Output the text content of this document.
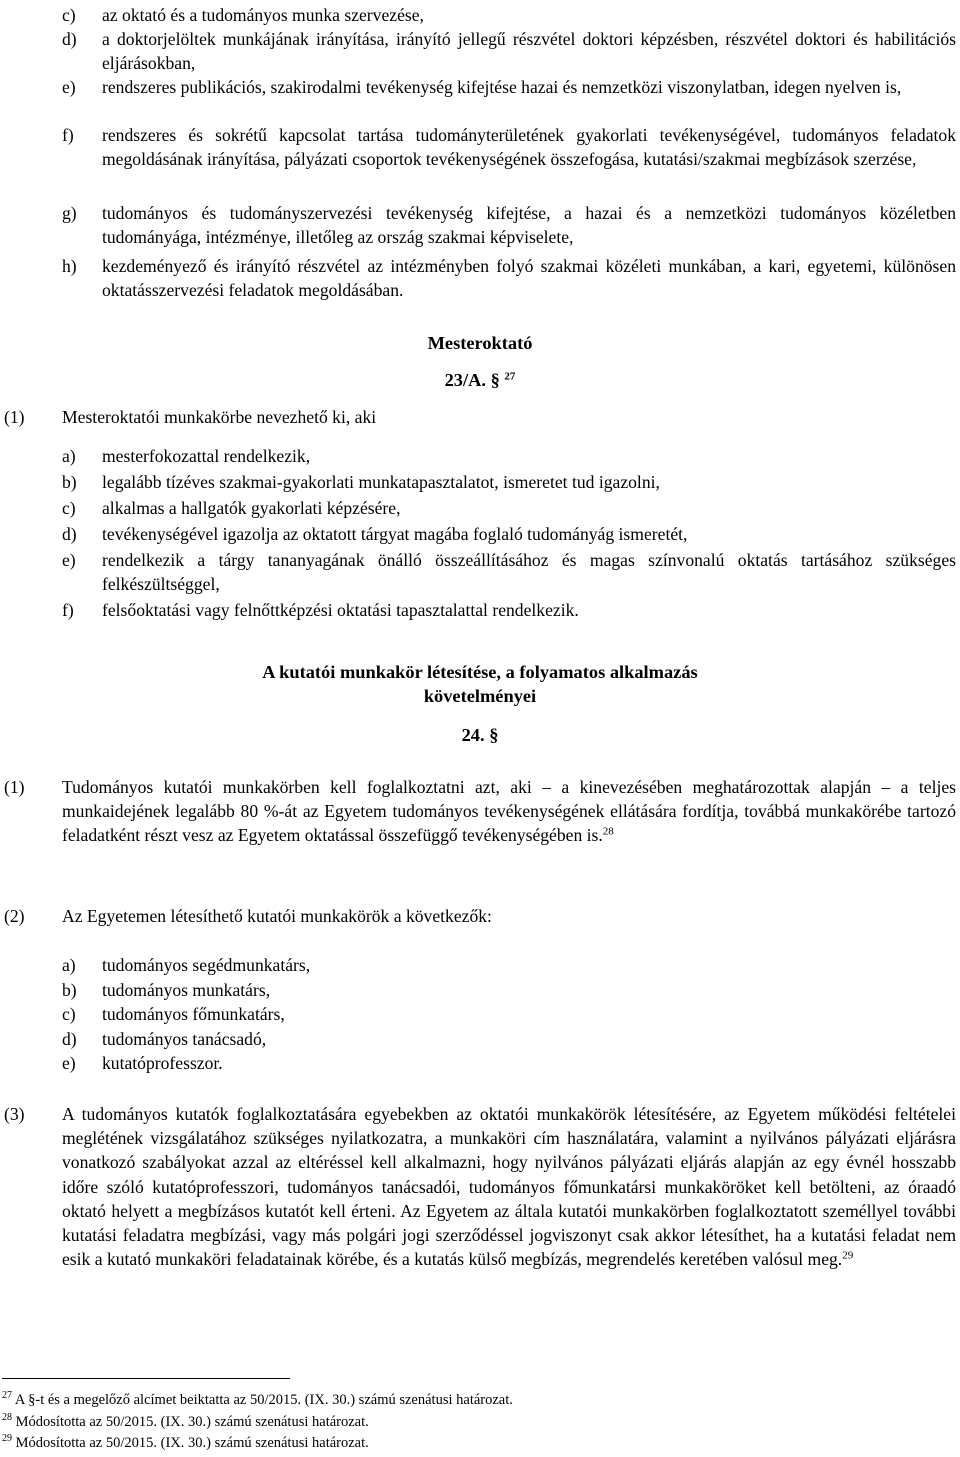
c) az oktató és a tudományos munka szervezése,
d) a doktorjelöltek munkájának irányítása, irányító jellegű részvétel doktori képzésben, részvétel doktori és habilitációs eljárásokban,
e) rendszeres publikációs, szakirodalmi tevékenység kifejtése hazai és nemzetközi viszonylatban, idegen nyelven is,
f) rendszeres és sokrétű kapcsolat tartása tudományterületének gyakorlati tevékenységével, tudományos feladatok megoldásának irányítása, pályázati csoportok tevékenységének összefogása, kutatási/szakmai megbízások szerzése,
g) tudományos és tudományszervezési tevékenység kifejtése, a hazai és a nemzetközi tudományos közéletben tudományága, intézménye, illetőleg az ország szakmai képviselete,
h) kezdeményező és irányító részvétel az intézményben folyó szakmai közéleti munkában, a kari, egyetemi, különösen oktatásszervezési feladatok megoldásában.
Mesteroktató
23/A. § $^{27}$
(1) Mesteroktatói munkakörbe nevezhető ki, aki
a) mesterfokozattal rendelkezik,
b) legalább tízéves szakmai-gyakorlati munkatapasztalatot, ismeretet tud igazolni,
c) alkalmas a hallgatók gyakorlati képzésére,
d) tevékenységével igazolja az oktatott tárgyat magába foglaló tudományág ismeretét,
e) rendelkezik a tárgy tananyagának önálló összeállításához és magas színvonalú oktatás tartásához szükséges felkészültséggel,
f) felsőoktatási vagy felnőttképzési oktatási tapasztalattal rendelkezik.
A kutatói munkakör létesítése, a folyamatos alkalmazás
követelményei
24. §
(1) Tudományos kutatói munkakörben kell foglalkoztatni azt, aki – a kinevezésében meghatározottak alapján – a teljes munkaidejének legalább 80 %-át az Egyetem tudományos tevékenységének ellátására fordítja, továbbá munkakörébe tartozó feladatként részt vesz az Egyetem oktatással összefüggő tevékenységében is.$^{28}$
(2) Az Egyetemen létesíthető kutatói munkakörök a következők:
a) tudományos segédmunkatárs,
b) tudományos munkatárs,
c) tudományos főmunkatárs,
d) tudományos tanácsadó,
e) kutatóprofesszor.
(3) A tudományos kutatók foglalkoztatására egyebekben az oktatói munkakörök létesítésére, az Egyetem működési feltételei meglétének vizsgálatához szükséges nyilatkozatra, a munkaköri cím használatára, valamint a nyilvános pályázati eljárásra vonatkozó szabályokat azzal az eltéréssel kell alkalmazni, hogy nyilvános pályázati eljárás alapján az egy évnél hosszabb időre szóló kutatóprofesszori, tudományos tanácsadói, tudományos főmunkatársi munkaköröket kell betölteni, az óraadó oktató helyett a megbízásos kutatót kell érteni. Az Egyetem az általa kutatói munkakörben foglalkoztatott személlyel további kutatási feladatra megbízási, vagy más polgári jogi szerződéssel jogviszonyt csak akkor létesíthet, ha a kutatási feladat nem esik a kutató munkaköri feladatainak körébe, és a kutatás külső megbízás, megrendelés keretében valósul meg.$^{29}$
$^{27}$ A §-t és a megelőző alcímet beiktatta az 50/2015. (IX. 30.) számú szenátusi határozat.
$^{28}$ Módosította az 50/2015. (IX. 30.) számú szenátusi határozat.
$^{29}$ Módosította az 50/2015. (IX. 30.) számú szenátusi határozat.
